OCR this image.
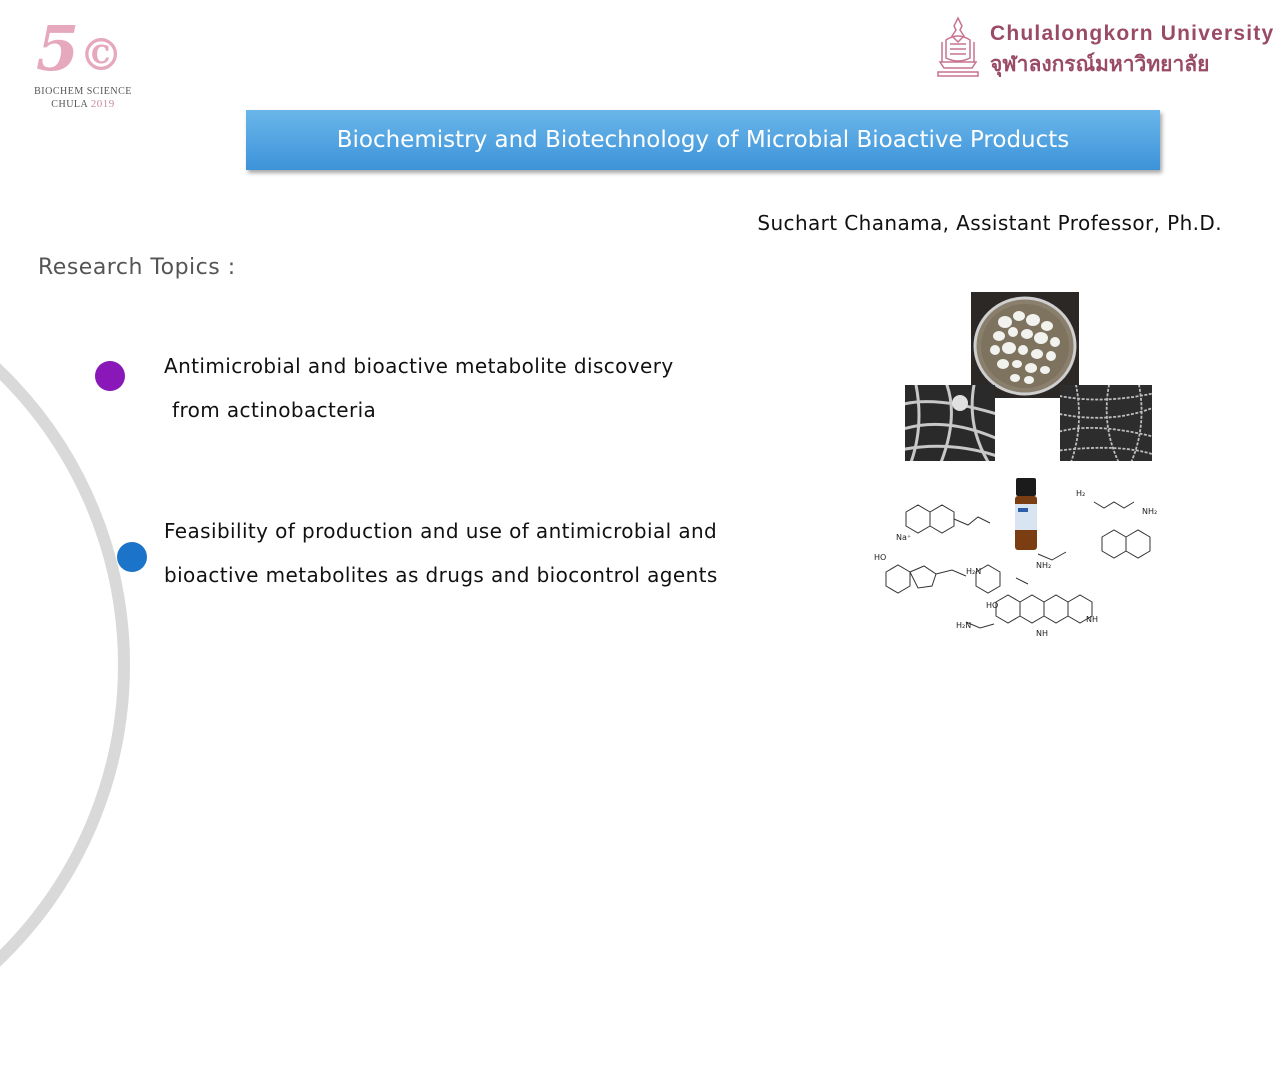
5©
BIOCHEM SCIENCE
CHULA 2019
Chulalongkorn University
จุฬาลงกรณ์มหาวิทยาลัย
Biochemistry and Biotechnology of Microbial Bioactive Products
Suchart Chanama, Assistant Professor, Ph.D.
Research Topics :
Antimicrobial and bioactive metabolite discovery
from actinobacteria
Feasibility of production and use of antimicrobial and
bioactive metabolites as drugs and biocontrol agents
Na⁺
HO
H₂
NH₂
H₂N
NH₂
HO
H₂N
NH
NH
